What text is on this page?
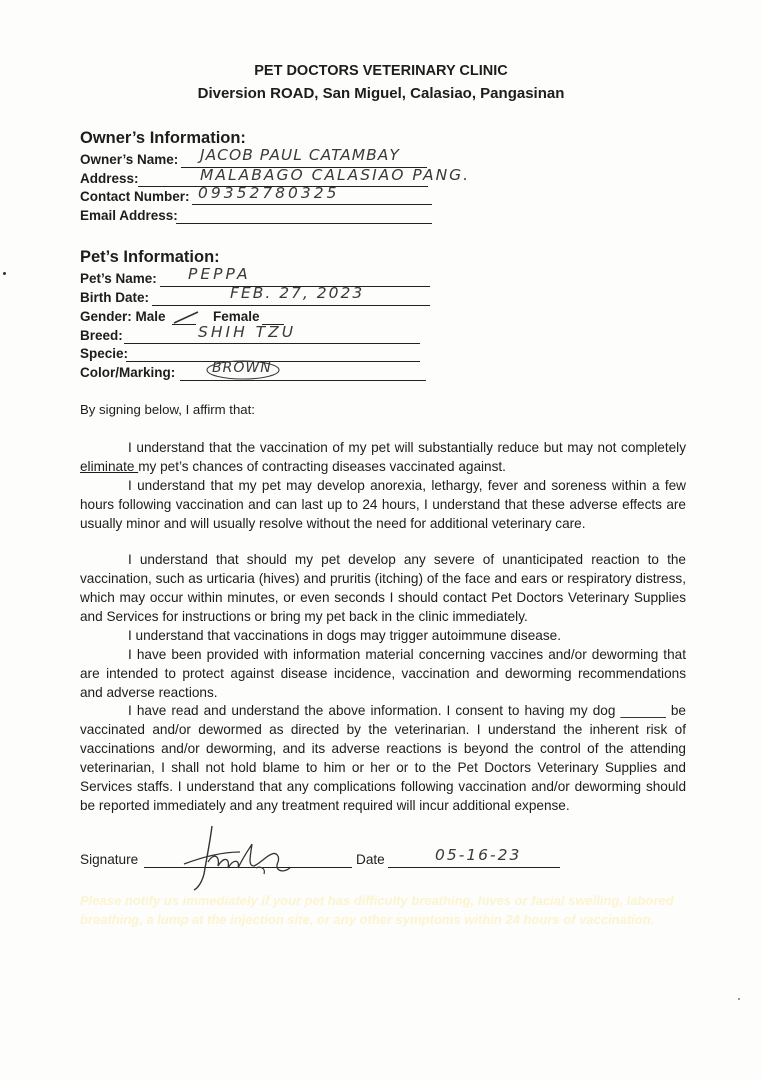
PET DOCTORS VETERINARY CLINIC
Diversion ROAD, San Miguel, Calasiao, Pangasinan
Owner’s Information:
Owner’s Name: JACOB PAUL CATAMBAY
Address:	MALABAGO CALASIAO PANG.
Contact Number: 09352780325
Email Address:
Pet’s Information:
Pet’s Name: PEPPA
Birth Date:	FEB. 27, 2023
Gender: Male	Female
Breed:	SHIH TZU
Specie:
Color/Marking:	BROWN
By signing below, I affirm that:

I understand that the vaccination of my pet will substantially reduce but may not completely eliminate my pet’s chances of contracting diseases vaccinated against.

I understand that my pet may develop anorexia, lethargy, fever and soreness within a few hours following vaccination and can last up to 24 hours, I understand that these adverse effects are usually minor and will usually resolve without the need for additional veterinary care.

I understand that should my pet develop any severe of unanticipated reaction to the vaccination, such as urticaria (hives) and pruritis (itching) of the face and ears or respiratory distress, which may occur within minutes, or even seconds I should contact Pet Doctors Veterinary Supplies and Services for instructions or bring my pet back in the clinic immediately.

I understand that vaccinations in dogs may trigger autoimmune disease.

I have been provided with information material concerning vaccines and/or deworming that are intended to protect against disease incidence, vaccination and deworming recommendations and adverse reactions.

I have read and understand the above information. I consent to having my dog ______ be vaccinated and/or dewormed as directed by the veterinarian. I understand the inherent risk of vaccinations and/or deworming, and its adverse reactions is beyond the control of the attending veterinarian, I shall not hold blame to him or her or to the Pet Doctors Veterinary Supplies and Services staffs. I understand that any complications following vaccination and/or deworming should be reported immediately and any treatment required will incur additional expense.

Signature	Date	05-16-23

Please notify us immediately if your pet has difficulty breathing, hives or facial swelling, labored breathing, a lump at the injection site, or any other symptoms within 24 hours of vaccination.
